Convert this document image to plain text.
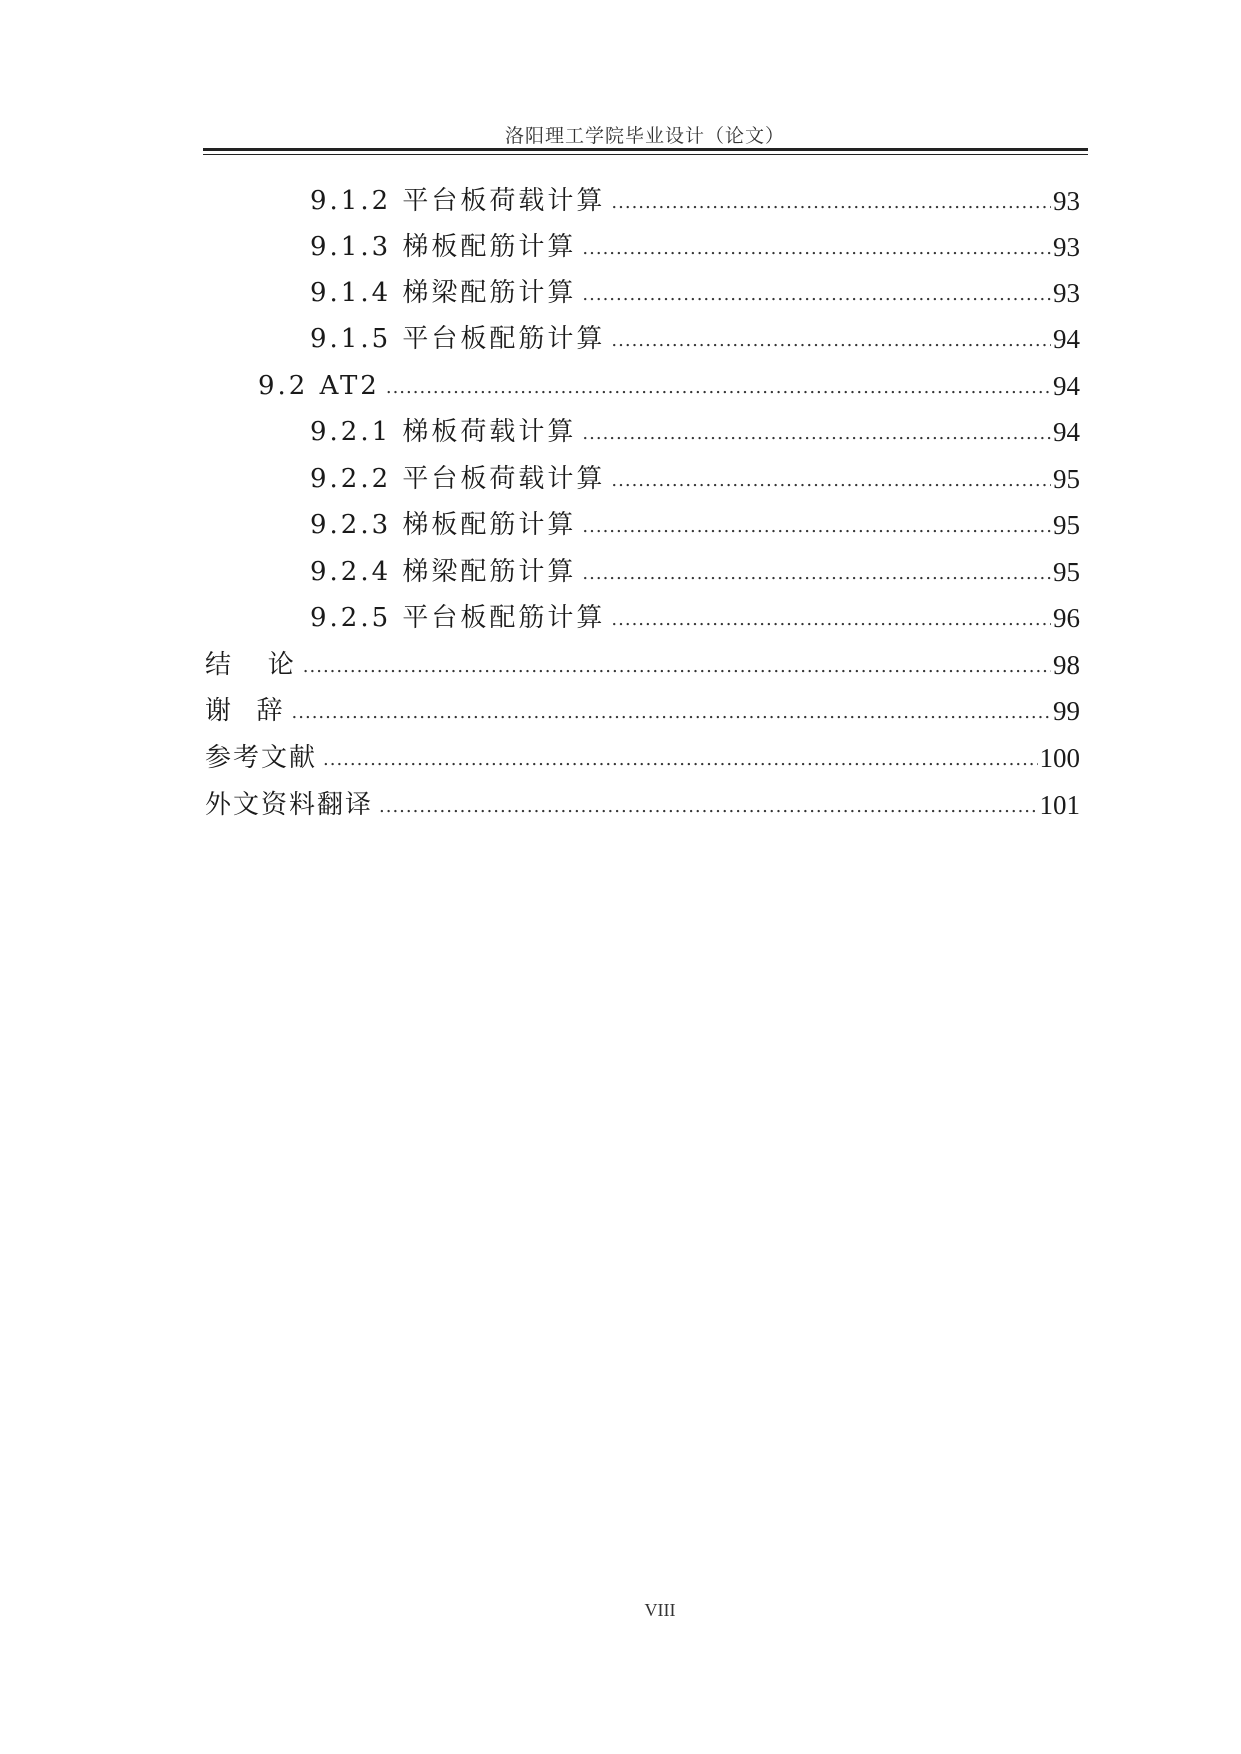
洛阳理工学院毕业设计（论文）
9.1.2 平台板荷载计算 .....	93
9.1.3 梯板配筋计算 .....	93
9.1.4 梯梁配筋计算 .....	93
9.1.5 平台板配筋计算 .....	94
9.2 AT2 .....	94
9.2.1 梯板荷载计算 .....	94
9.2.2 平台板荷载计算 .....	95
9.2.3 梯板配筋计算 .....	95
9.2.4 梯梁配筋计算 .....	95
9.2.5 平台板配筋计算 .....	96
结   论 .....	98
谢  辞 .....	99
参考文献 .....	100
外文资料翻译 .....	101
VIII
